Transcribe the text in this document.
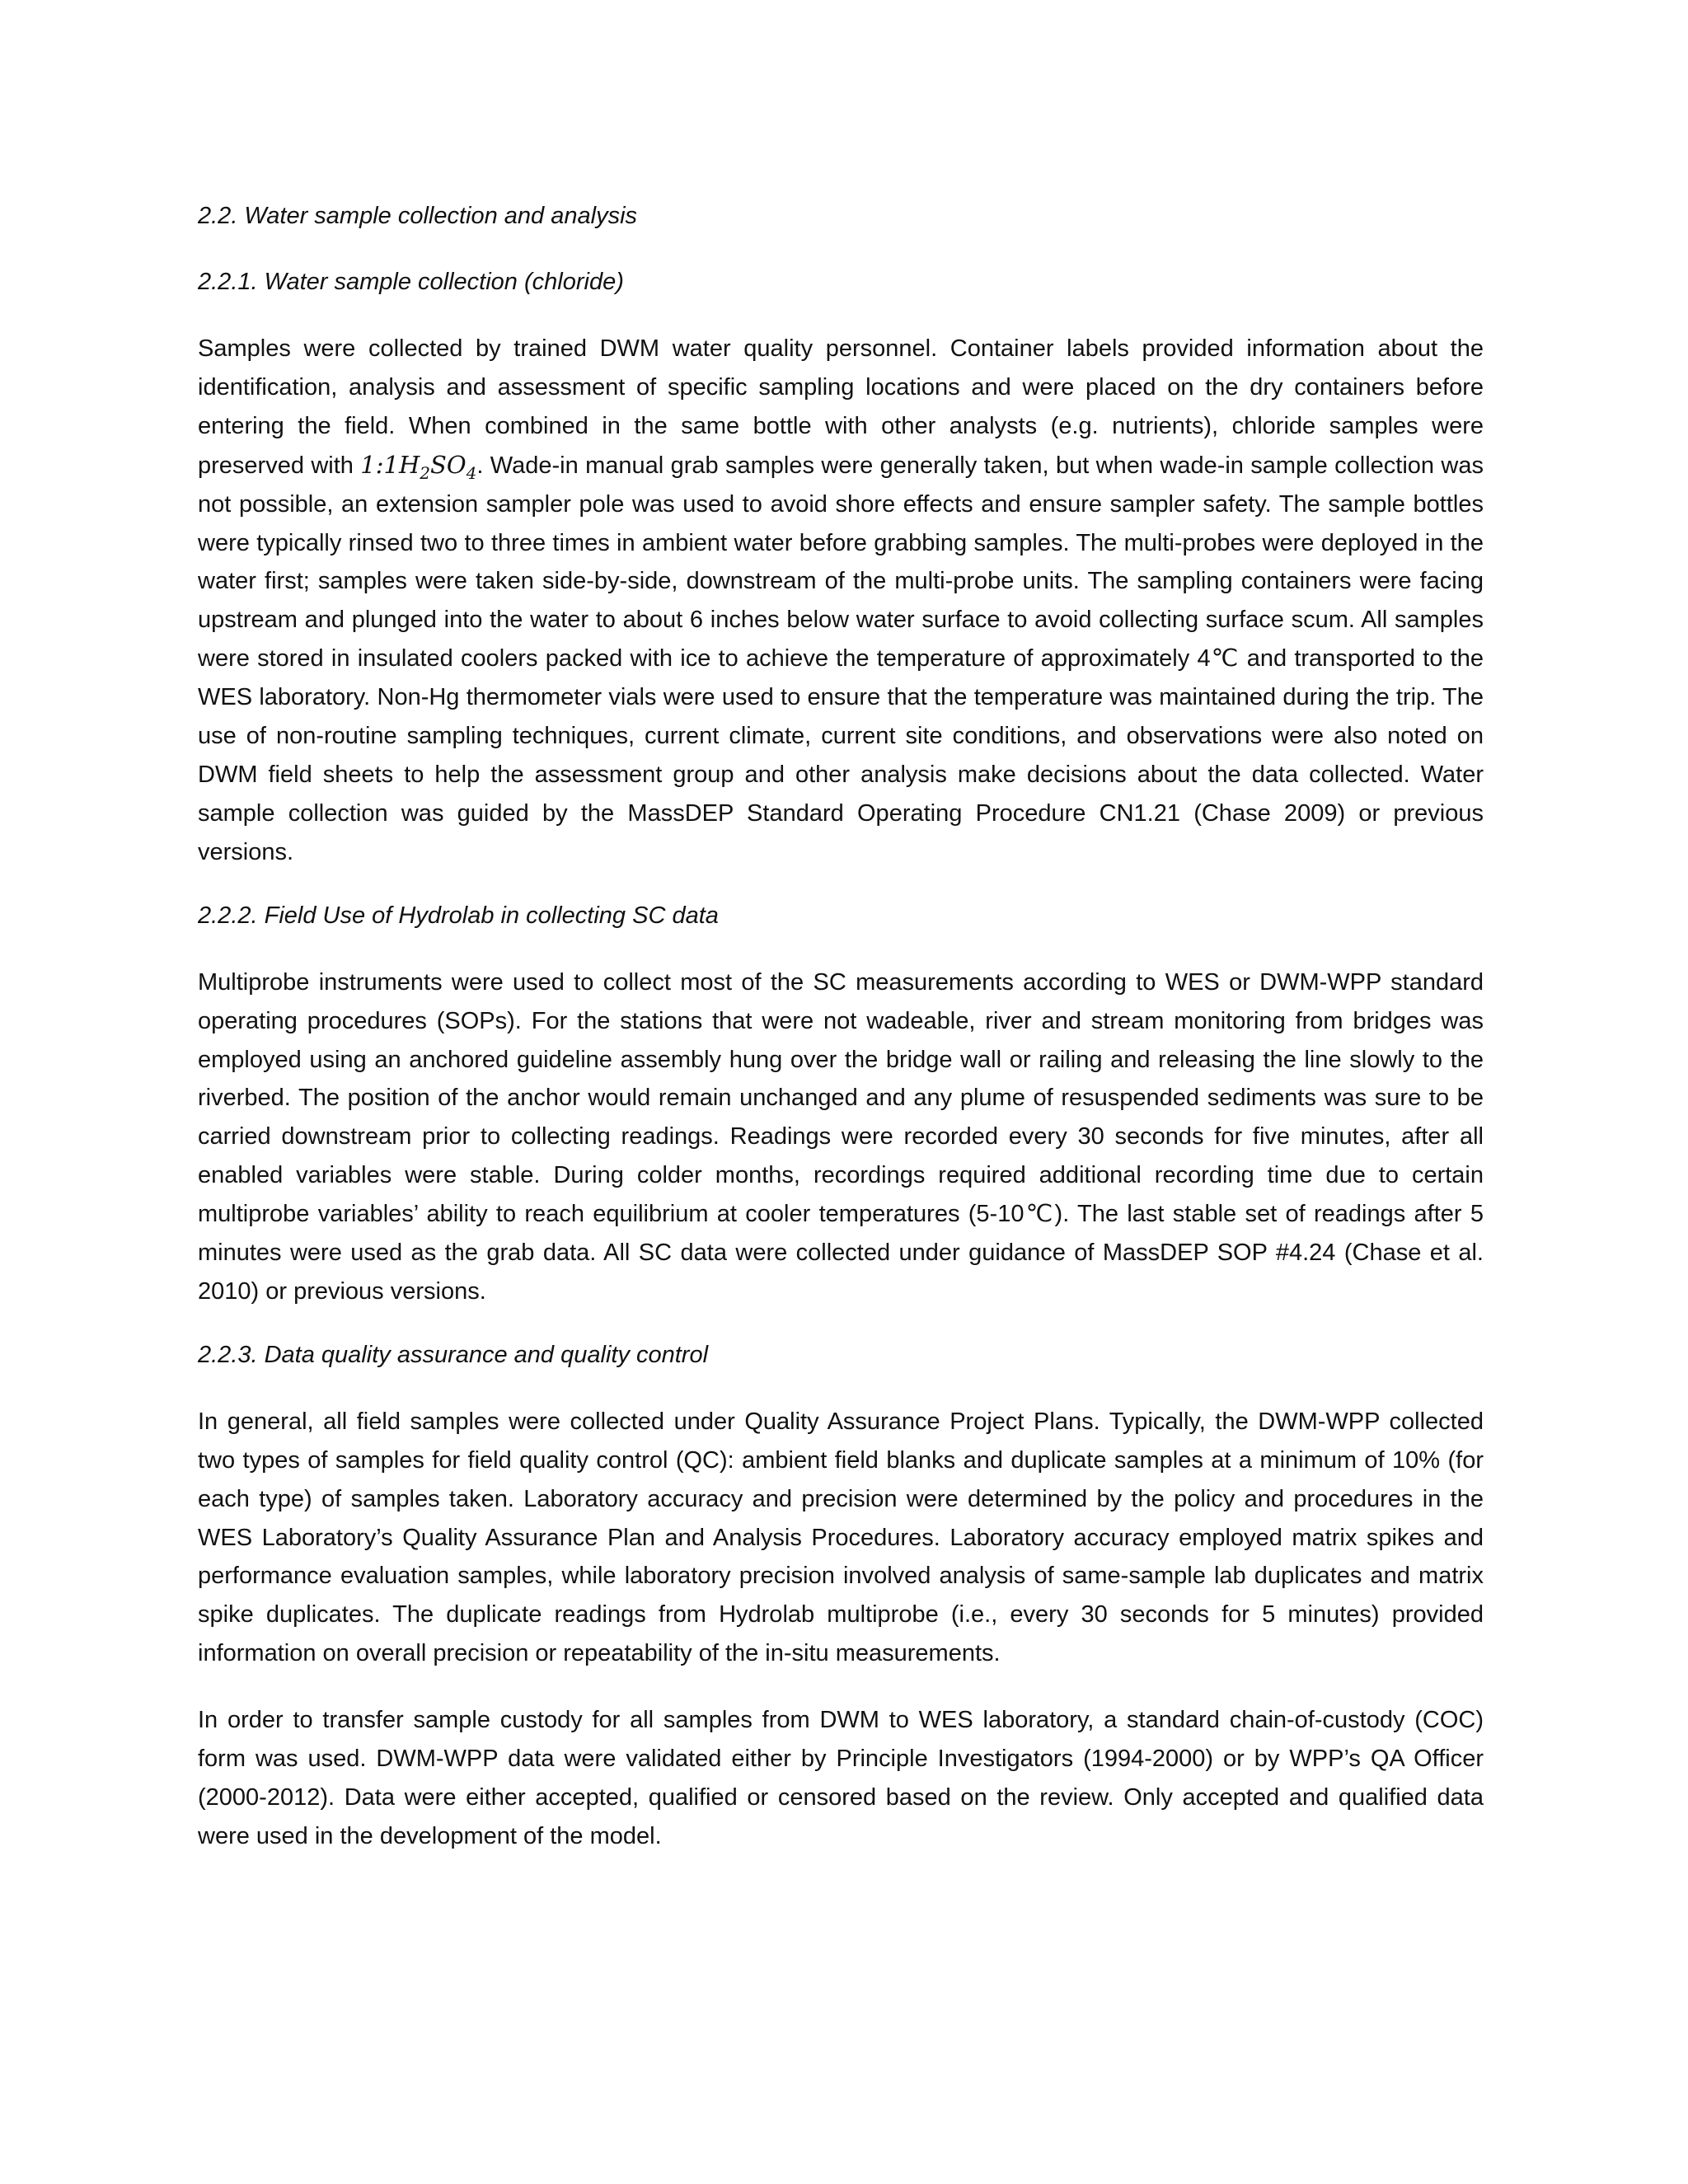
2.2. Water sample collection and analysis
2.2.1. Water sample collection (chloride)

Samples were collected by trained DWM water quality personnel. Container labels provided information about the identification, analysis and assessment of specific sampling locations and were placed on the dry containers before entering the field. When combined in the same bottle with other analysts (e.g. nutrients), chloride samples were preserved with $1:1H_2SO_4$. Wade-in manual grab samples were generally taken, but when wade-in sample collection was not possible, an extension sampler pole was used to avoid shore effects and ensure sampler safety. The sample bottles were typically rinsed two to three times in ambient water before grabbing samples. The multi-probes were deployed in the water first; samples were taken side-by-side, downstream of the multi-probe units. The sampling containers were facing upstream and plunged into the water to about 6 inches below water surface to avoid collecting surface scum. All samples were stored in insulated coolers packed with ice to achieve the temperature of approximately 4℃ and transported to the WES laboratory. Non-Hg thermometer vials were used to ensure that the temperature was maintained during the trip. The use of non-routine sampling techniques, current climate, current site conditions, and observations were also noted on DWM field sheets to help the assessment group and other analysis make decisions about the data collected. Water sample collection was guided by the MassDEP Standard Operating Procedure CN1.21 (Chase 2009) or previous versions.

2.2.2. Field Use of Hydrolab in collecting SC data

Multiprobe instruments were used to collect most of the SC measurements according to WES or DWM-WPP standard operating procedures (SOPs). For the stations that were not wadeable, river and stream monitoring from bridges was employed using an anchored guideline assembly hung over the bridge wall or railing and releasing the line slowly to the riverbed. The position of the anchor would remain unchanged and any plume of resuspended sediments was sure to be carried downstream prior to collecting readings. Readings were recorded every 30 seconds for five minutes, after all enabled variables were stable. During colder months, recordings required additional recording time due to certain multiprobe variables’ ability to reach equilibrium at cooler temperatures (5-10℃). The last stable set of readings after 5 minutes were used as the grab data. All SC data were collected under guidance of MassDEP SOP #4.24 (Chase et al. 2010) or previous versions.

2.2.3. Data quality assurance and quality control

In general, all field samples were collected under Quality Assurance Project Plans. Typically, the DWM-WPP collected two types of samples for field quality control (QC): ambient field blanks and duplicate samples at a minimum of 10% (for each type) of samples taken. Laboratory accuracy and precision were determined by the policy and procedures in the WES Laboratory’s Quality Assurance Plan and Analysis Procedures. Laboratory accuracy employed matrix spikes and performance evaluation samples, while laboratory precision involved analysis of same-sample lab duplicates and matrix spike duplicates. The duplicate readings from Hydrolab multiprobe (i.e., every 30 seconds for 5 minutes) provided information on overall precision or repeatability of the in-situ measurements.

In order to transfer sample custody for all samples from DWM to WES laboratory, a standard chain-of-custody (COC) form was used. DWM-WPP data were validated either by Principle Investigators (1994-2000) or by WPP’s QA Officer (2000-2012). Data were either accepted, qualified or censored based on the review. Only accepted and qualified data were used in the development of the model.
